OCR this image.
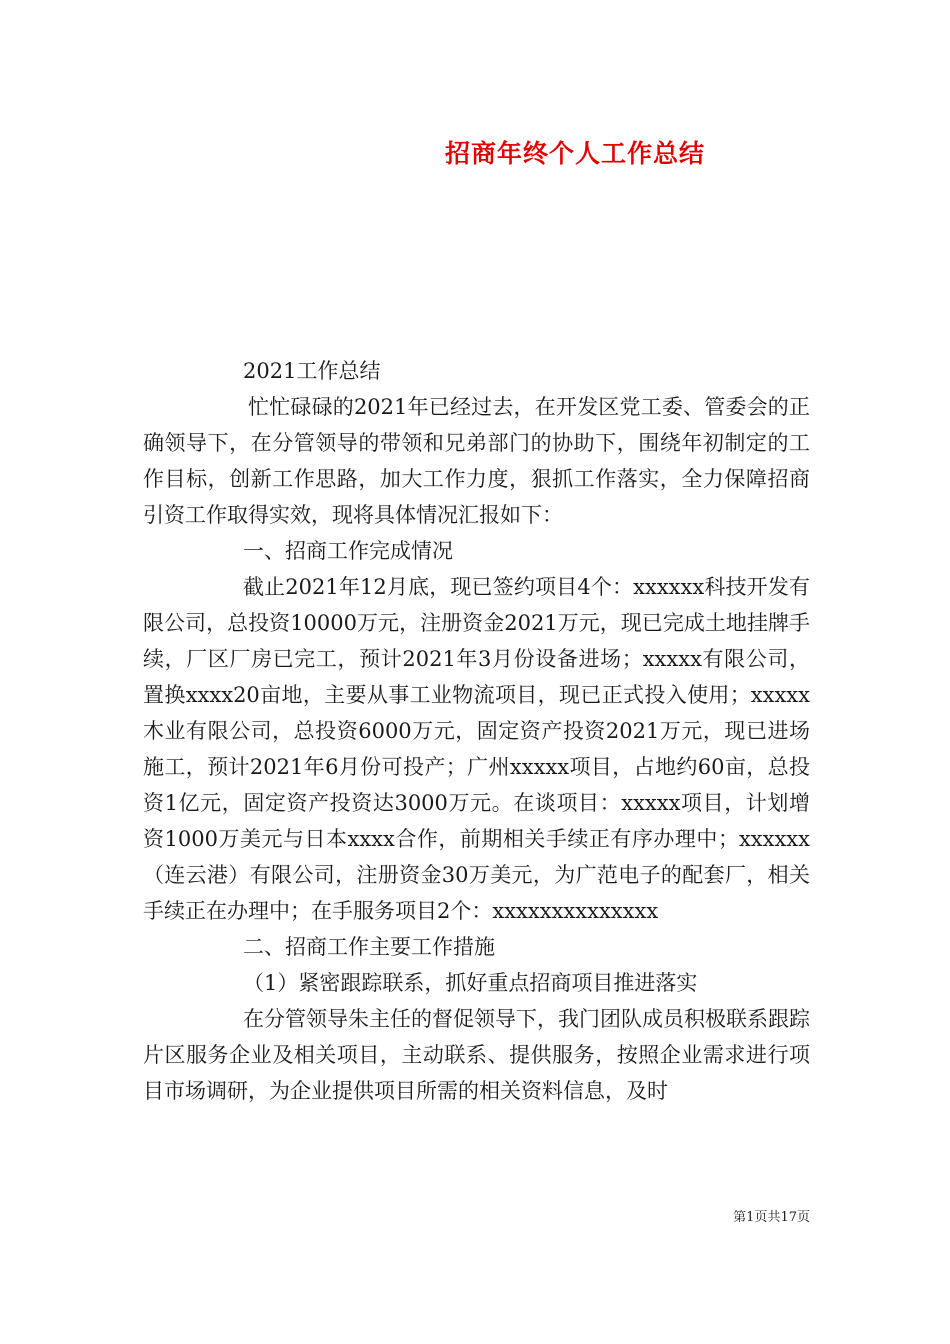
招商年终个人工作总结

2021工作总结

忙忙碌碌的2021年已经过去，在开发区党工委、管委会的正确领导下，在分管领导的带领和兄弟部门的协助下，围绕年初制定的工作目标，创新工作思路，加大工作力度，狠抓工作落实，全力保障招商引资工作取得实效，现将具体情况汇报如下：

一、招商工作完成情况

截止2021年12月底，现已签约项目4个：xxxxxx科技开发有限公司，总投资10000万元，注册资金2021万元，现已完成土地挂牌手续，厂区厂房已完工，预计2021年3月份设备进场；xxxxx有限公司，置换xxxx20亩地，主要从事工业物流项目，现已正式投入使用；xxxxx木业有限公司，总投资6000万元，固定资产投资2021万元，现已进场施工，预计2021年6月份可投产；广州xxxxx项目，占地约60亩，总投资1亿元，固定资产投资达3000万元。在谈项目：xxxxx项目，计划增资1000万美元与日本xxxx合作，前期相关手续正有序办理中；xxxxxx（连云港）有限公司，注册资金30万美元，为广范电子的配套厂，相关手续正在办理中；在手服务项目2个：xxxxxxxxxxxxxx

二、招商工作主要工作措施

（1）紧密跟踪联系，抓好重点招商项目推进落实

在分管领导朱主任的督促领导下，我门团队成员积极联系跟踪片区服务企业及相关项目，主动联系、提供服务，按照企业需求进行项目市场调研，为企业提供项目所需的相关资料信息，及时

第1页共17页
